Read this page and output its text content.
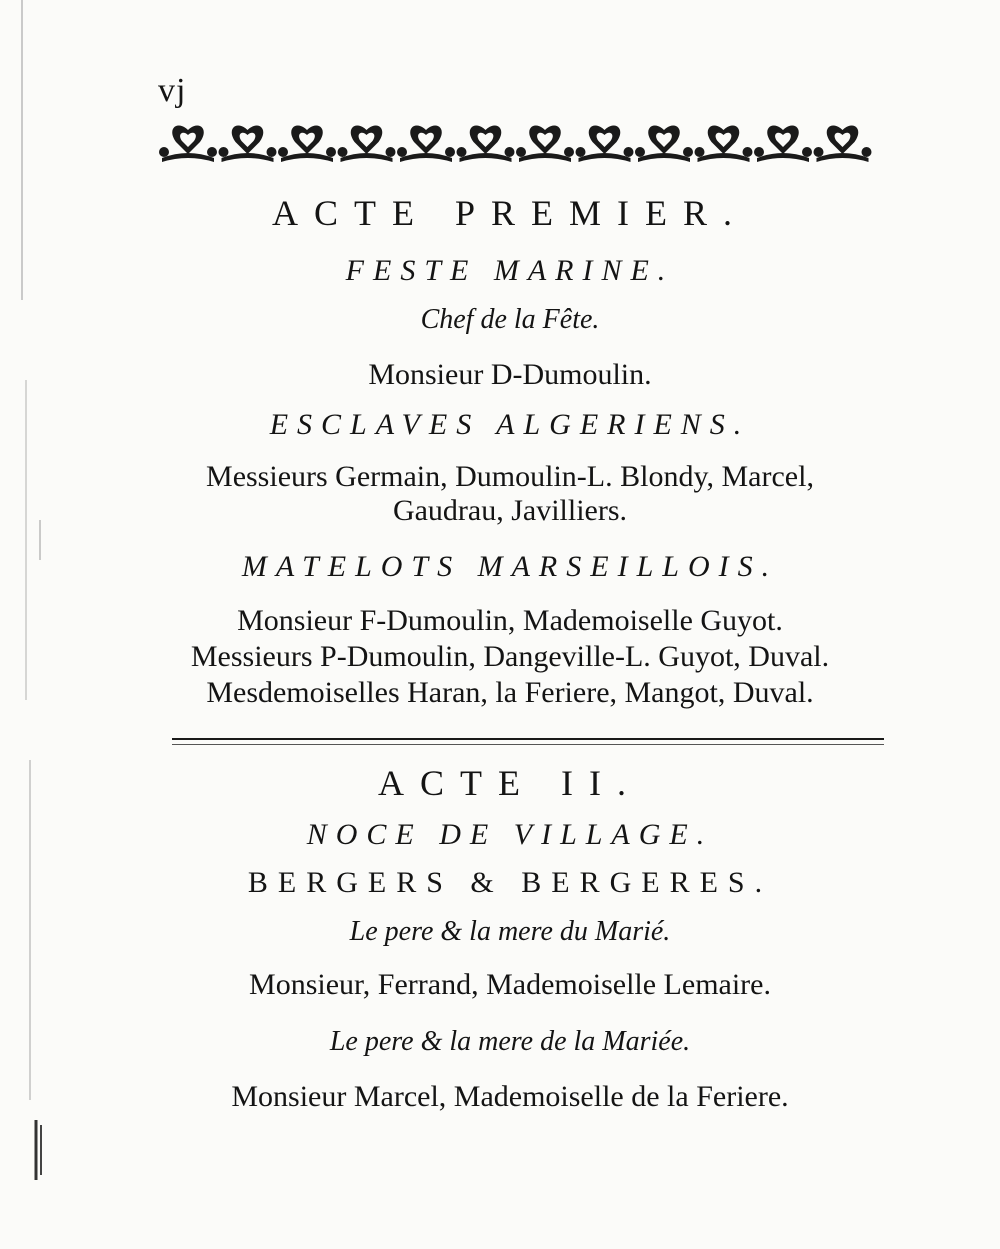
vj
ACTE PREMIER.
FESTE MARINE.
Chef de la Fête.
Monsieur D-Dumoulin.
ESCLAVES ALGERIENS.
Messieurs Germain, Dumoulin-L. Blondy, Marcel,
Gaudrau, Javilliers.
MATELOTS MARSEILLOIS.
Monsieur F-Dumoulin, Mademoiselle Guyot.
Messieurs P-Dumoulin, Dangeville-L. Guyot, Duval.
Mesdemoiselles Haran, la Feriere, Mangot, Duval.
ACTE II.
NOCE DE VILLAGE.
BERGERS & BERGERES.
Le pere & la mere du Marié.
Monsieur, Ferrand, Mademoiselle Lemaire.
Le pere & la mere de la Mariée.
Monsieur Marcel, Mademoiselle de la Feriere.
